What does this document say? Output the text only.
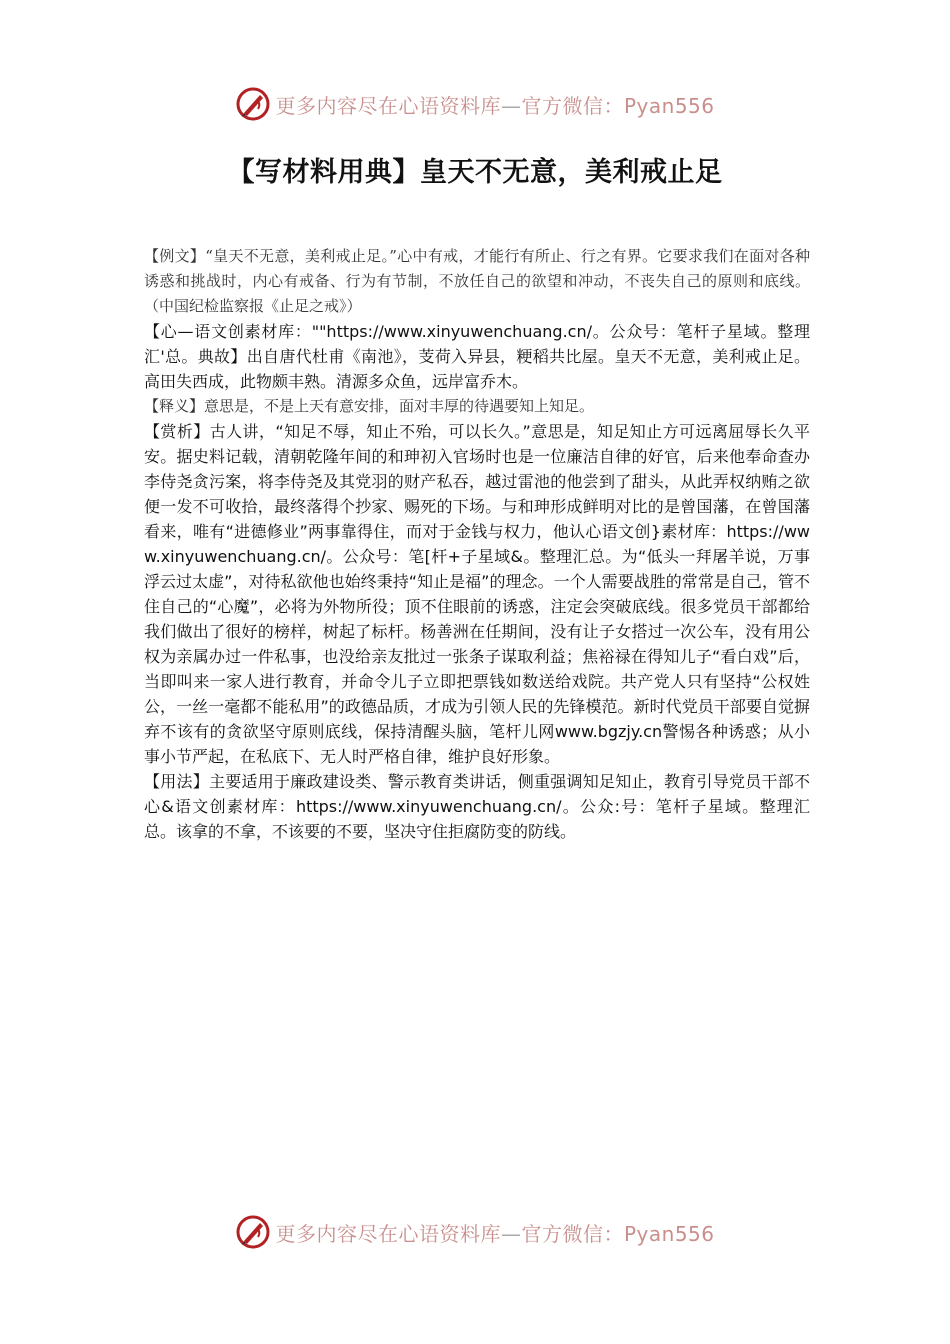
更多内容尽在心语资料库—官方微信：Pyan556
【写材料用典】皇天不无意，美利戒止足

【例文】“皇天不无意，美利戒止足。”心中有戒，才能行有所止、行之有界。它要求我们在面对各种诱惑和挑战时，内心有戒备、行为有节制，不放任自己的欲望和冲动，不丧失自己的原则和底线。（中国纪检监察报《止足之戒》）

【心—语文创素材库：""https://www.xinyuwenchuang.cn/。公众号：笔杆子星域。整理汇'总。典故】出自唐代杜甫《南池》，芰荷入异县，粳稻共比屋。皇天不无意，美利戒止足。高田失西成，此物颇丰熟。清源多众鱼，远岸富乔木。

【释义】意思是，不是上天有意安排，面对丰厚的待遇要知上知足。

【赏析】古人讲，“知足不辱，知止不殆，可以长久。”意思是，知足知止方可远离屈辱长久平安。据史料记载，清朝乾隆年间的和珅初入官场时也是一位廉洁自律的好官，后来他奉命查办李侍尧贪污案，将李侍尧及其党羽的财产私吞，越过雷池的他尝到了甜头，从此弄权纳贿之欲便一发不可收拾，最终落得个抄家、赐死的下场。与和珅形成鲜明对比的是曾国藩，在曾国藩看来，唯有“进德修业”两事靠得住，而对于金钱与权力，他认心语文创}素材库：https://www.xinyuwenchuang.cn/。公众号：笔[杆+子星域&。整理汇总。为“低头一拜屠羊说，万事浮云过太虚”，对待私欲他也始终秉持“知止是福”的理念。一个人需要战胜的常常是自己，管不住自己的“心魔”，必将为外物所役；顶不住眼前的诱惑，注定会突破底线。很多党员干部都给我们做出了很好的榜样，树起了标杆。杨善洲在任期间，没有让子女搭过一次公车，没有用公权为亲属办过一件私事，也没给亲友批过一张条子谋取利益；焦裕禄在得知儿子“看白戏”后，当即叫来一家人进行教育，并命令儿子立即把票钱如数送给戏院。共产党人只有坚持“公权姓公，一丝一毫都不能私用”的政德品质，才成为引领人民的先锋模范。新时代党员干部要自觉摒弃不该有的贪欲坚守原则底线，保持清醒头脑，笔杆儿网www.bgzjy.cn警惕各种诱惑；从小事小节严起，在私底下、无人时严格自律，维护良好形象。

【用法】主要适用于廉政建设类、警示教育类讲话，侧重强调知足知止，教育引导党员干部不心&语文创素材库：https://www.xinyuwenchuang.cn/。公众:号：笔杆子星域。整理汇总。该拿的不拿，不该要的不要，坚决守住拒腐防变的防线。

更多内容尽在心语资料库—官方微信：Pyan556
